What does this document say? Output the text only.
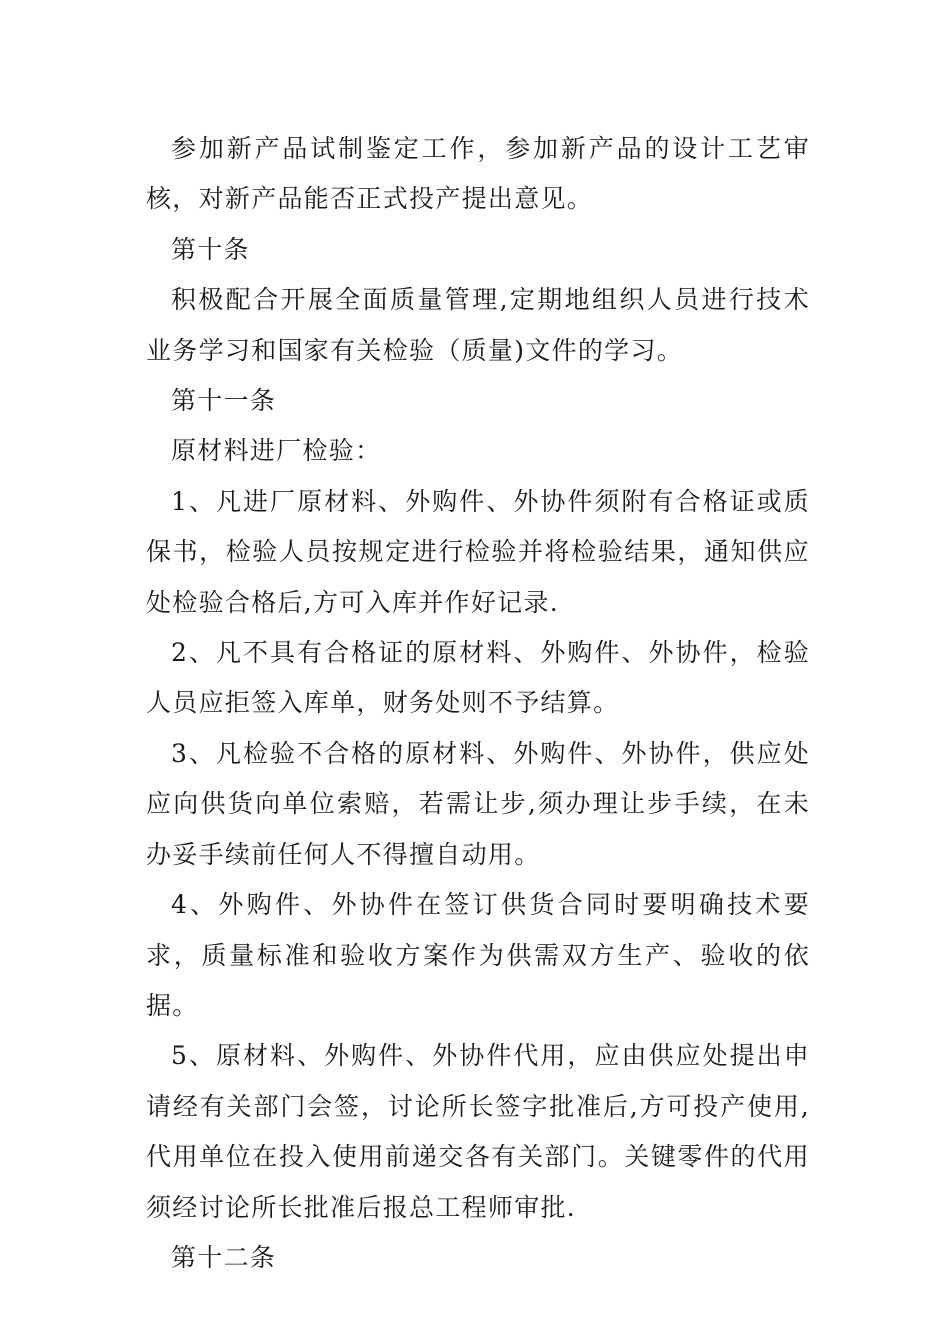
参加新产品试制鉴定工作，参加新产品的设计工艺审核，对新产品能否正式投产提出意见。

第十条

积极配合开展全面质量管理,定期地组织人员进行技术业务学习和国家有关检验（质量)文件的学习。

第十一条

原材料进厂检验：

1、凡进厂原材料、外购件、外协件须附有合格证或质保书，检验人员按规定进行检验并将检验结果，通知供应处检验合格后,方可入库并作好记录.

2、凡不具有合格证的原材料、外购件、外协件，检验人员应拒签入库单，财务处则不予结算。

3、凡检验不合格的原材料、外购件、外协件，供应处应向供货向单位索赔，若需让步,须办理让步手续，在未办妥手续前任何人不得擅自动用。

4、外购件、外协件在签订供货合同时要明确技术要求，质量标准和验收方案作为供需双方生产、验收的依据。

5、原材料、外购件、外协件代用，应由供应处提出申请经有关部门会签，讨论所长签字批准后,方可投产使用,代用单位在投入使用前递交各有关部门。关键零件的代用须经讨论所长批准后报总工程师审批.

第十二条
